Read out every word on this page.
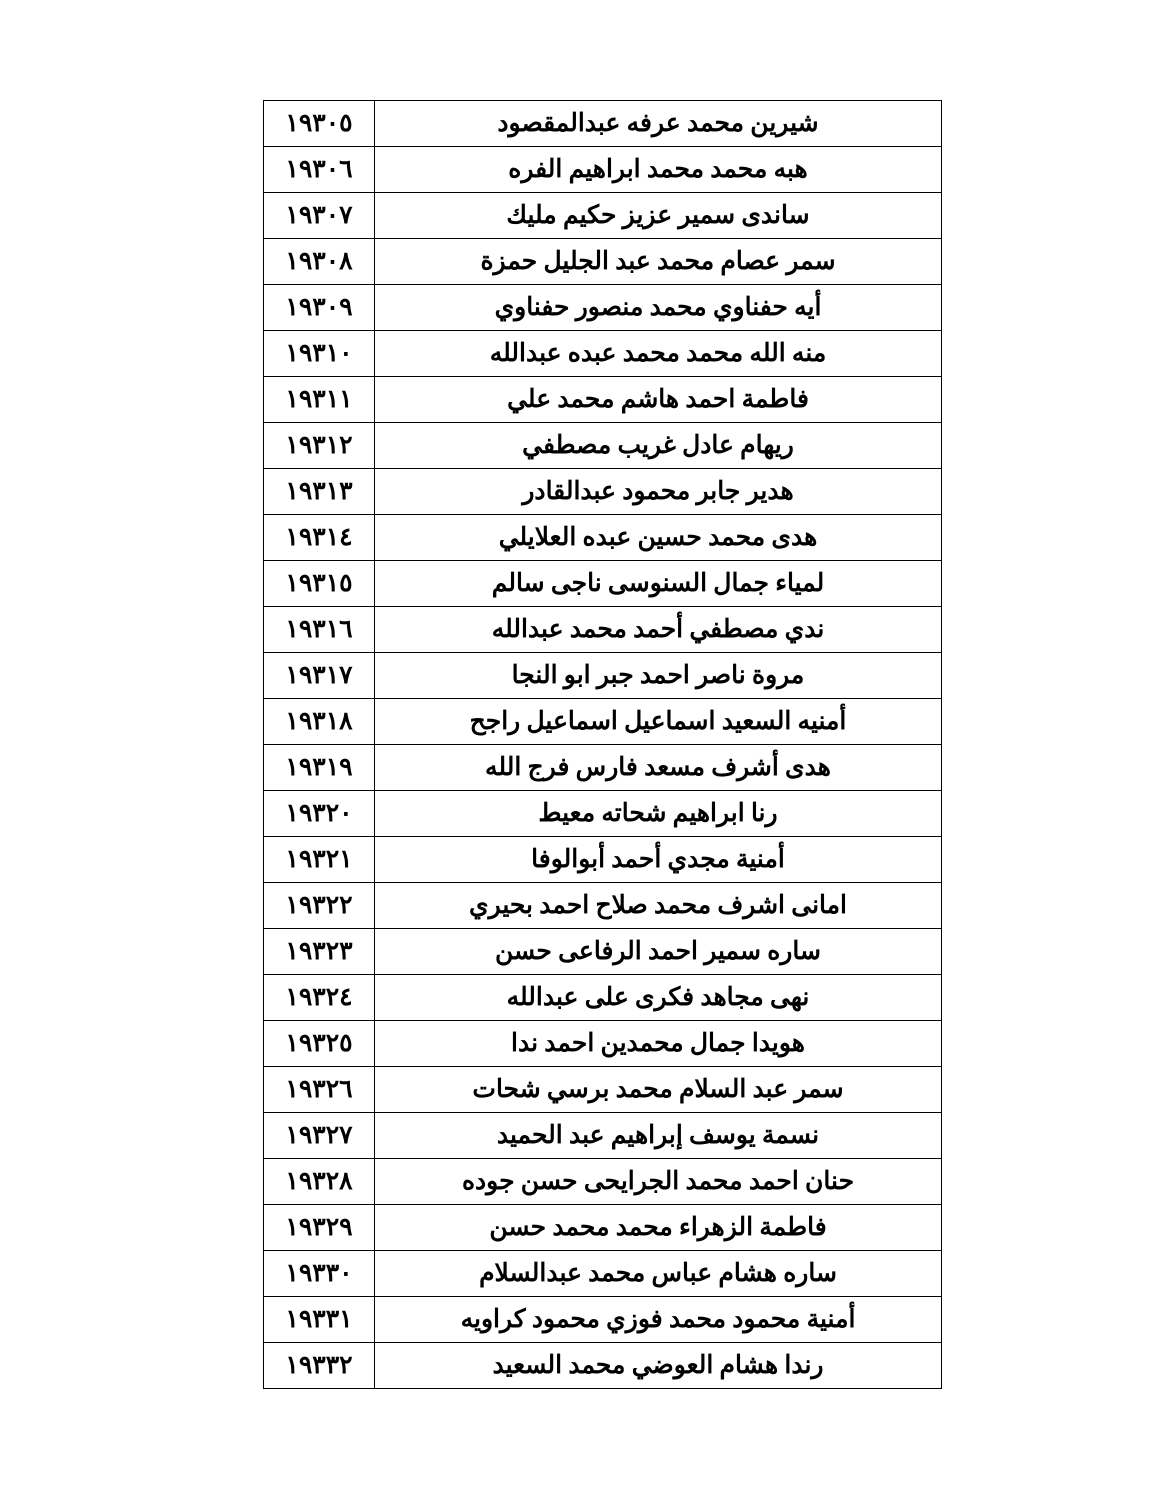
شيرين محمد عرفه عبدالمقصود	١٩٣٠٥
هبه محمد محمد ابراهيم الفره	١٩٣٠٦
ساندى سمير عزيز حكيم مليك	١٩٣٠٧
سمر عصام محمد عبد الجليل حمزة	١٩٣٠٨
أيه حفناوي محمد منصور حفناوي	١٩٣٠٩
منه الله محمد محمد عبده عبدالله	١٩٣١٠
فاطمة احمد هاشم محمد علي	١٩٣١١
ريهام عادل غريب مصطفي	١٩٣١٢
هدير جابر محمود عبدالقادر	١٩٣١٣
هدى محمد حسين عبده العلايلي	١٩٣١٤
لمياء جمال السنوسى ناجى سالم	١٩٣١٥
ندي مصطفي أحمد محمد عبدالله	١٩٣١٦
مروة ناصر احمد جبر ابو النجا	١٩٣١٧
أمنيه السعيد اسماعيل اسماعيل راجح	١٩٣١٨
هدى أشرف مسعد فارس فرج الله	١٩٣١٩
رنا ابراهيم شحاته معيط	١٩٣٢٠
أمنية مجدي أحمد أبوالوفا	١٩٣٢١
امانى اشرف محمد صلاح احمد بحيري	١٩٣٢٢
ساره سمير احمد الرفاعى حسن	١٩٣٢٣
نهى مجاهد فكرى على عبدالله	١٩٣٢٤
هويدا جمال محمدين احمد ندا	١٩٣٢٥
سمر عبد السلام محمد برسي شحات	١٩٣٢٦
نسمة يوسف إبراهيم عبد الحميد	١٩٣٢٧
حنان احمد محمد الجرايحى حسن جوده	١٩٣٢٨
فاطمة الزهراء محمد محمد حسن	١٩٣٢٩
ساره هشام عباس محمد عبدالسلام	١٩٣٣٠
أمنية محمود محمد فوزي محمود كراويه	١٩٣٣١
رندا هشام العوضي محمد السعيد	١٩٣٣٢
